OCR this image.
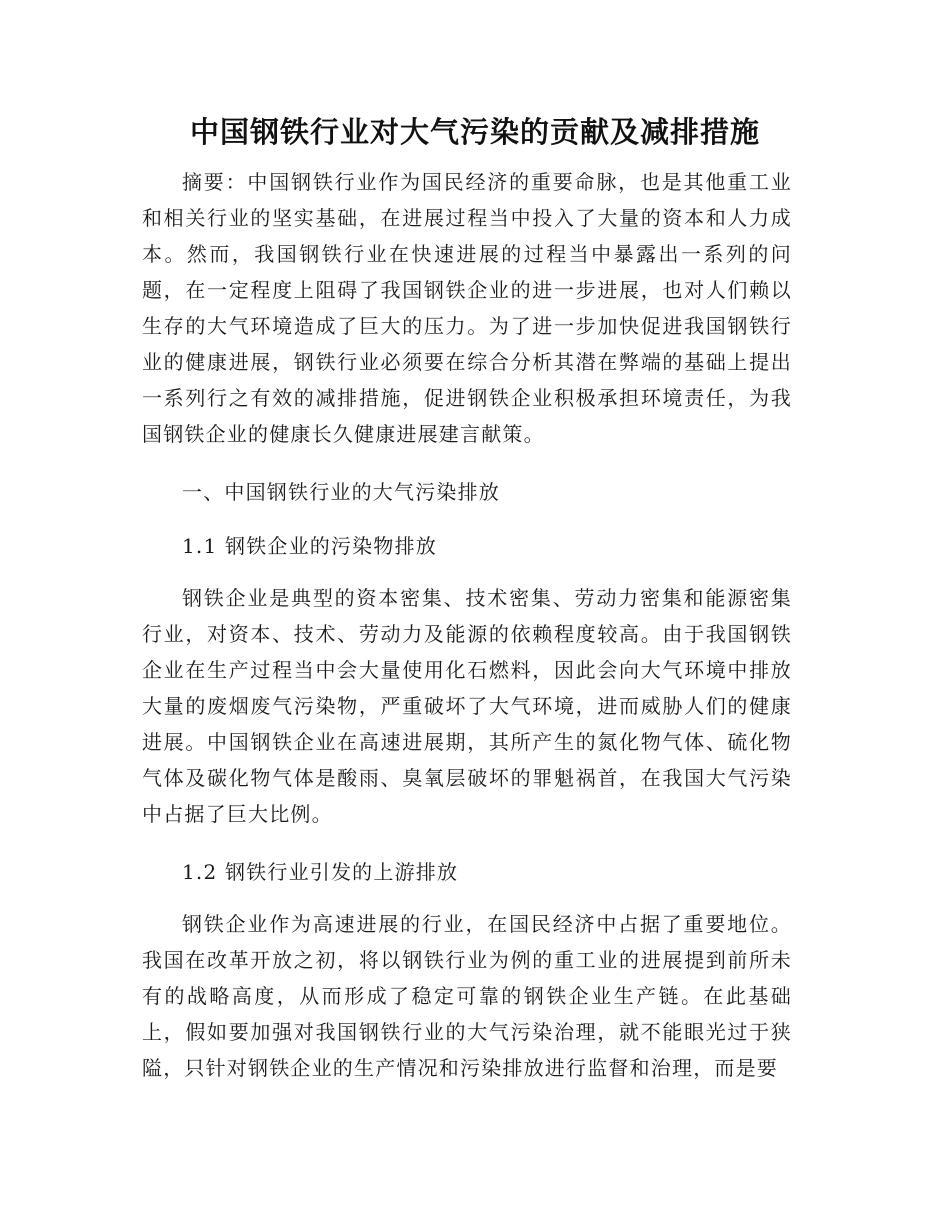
中国钢铁行业对大气污染的贡献及减排措施

摘要：中国钢铁行业作为国民经济的重要命脉，也是其他重工业和相关行业的坚实基础，在进展过程当中投入了大量的资本和人力成本。然而，我国钢铁行业在快速进展的过程当中暴露出一系列的问题，在一定程度上阻碍了我国钢铁企业的进一步进展，也对人们赖以生存的大气环境造成了巨大的压力。为了进一步加快促进我国钢铁行业的健康进展，钢铁行业必须要在综合分析其潜在弊端的基础上提出一系列行之有效的减排措施，促进钢铁企业积极承担环境责任，为我国钢铁企业的健康长久健康进展建言献策。

一、中国钢铁行业的大气污染排放

1.1 钢铁企业的污染物排放

钢铁企业是典型的资本密集、技术密集、劳动力密集和能源密集行业，对资本、技术、劳动力及能源的依赖程度较高。由于我国钢铁企业在生产过程当中会大量使用化石燃料，因此会向大气环境中排放大量的废烟废气污染物，严重破坏了大气环境，进而威胁人们的健康进展。中国钢铁企业在高速进展期，其所产生的氮化物气体、硫化物气体及碳化物气体是酸雨、臭氧层破坏的罪魁祸首，在我国大气污染中占据了巨大比例。

1.2 钢铁行业引发的上游排放

钢铁企业作为高速进展的行业，在国民经济中占据了重要地位。我国在改革开放之初，将以钢铁行业为例的重工业的进展提到前所未有的战略高度，从而形成了稳定可靠的钢铁企业生产链。在此基础上，假如要加强对我国钢铁行业的大气污染治理，就不能眼光过于狭隘，只针对钢铁企业的生产情况和污染排放进行监督和治理，而是要
